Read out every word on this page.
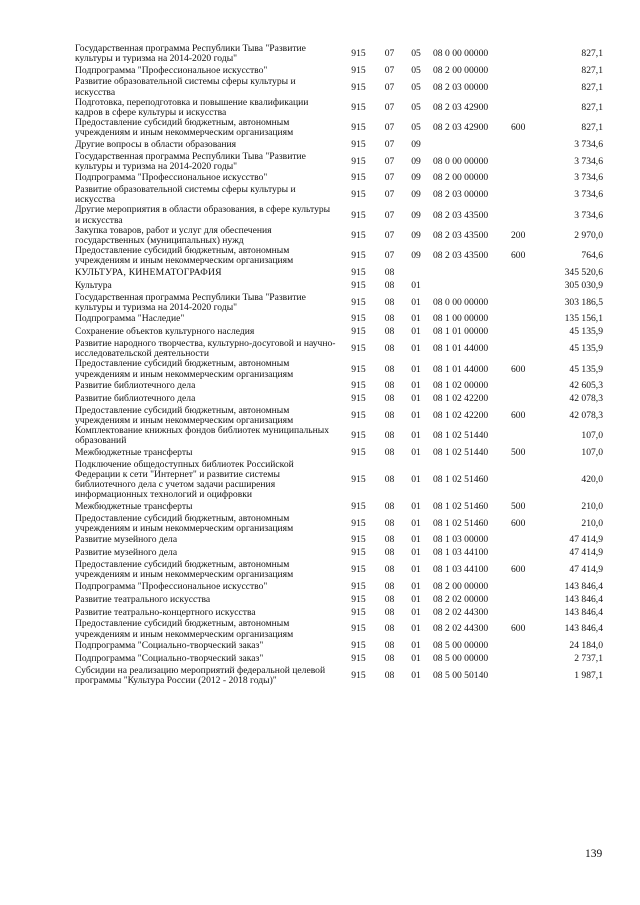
Государственная программа Республики Тыва "Развитие культуры и туризма на 2014-2020 годы"	915	07	05	08 0 00 00000		827,1
Подпрограмма "Профессиональное искусство"	915	07	05	08 2 00 00000		827,1
Развитие образовательной системы сферы культуры и искусства	915	07	05	08 2 03 00000		827,1
Подготовка, переподготовка и повышение квалификации кадров в сфере культуры и искусства	915	07	05	08 2 03 42900		827,1
Предоставление субсидий бюджетным, автономным учреждениям и иным некоммерческим организациям	915	07	05	08 2 03 42900	600	827,1
Другие вопросы в области образования	915	07	09			3 734,6
Государственная программа Республики Тыва "Развитие культуры и туризма на 2014-2020 годы"	915	07	09	08 0 00 00000		3 734,6
Подпрограмма "Профессиональное искусство"	915	07	09	08 2 00 00000		3 734,6
Развитие образовательной системы сферы культуры и искусства	915	07	09	08 2 03 00000		3 734,6
Другие мероприятия в области образования, в сфере культуры и искусства	915	07	09	08 2 03 43500		3 734,6
Закупка товаров, работ и услуг для обеспечения государственных (муниципальных) нужд	915	07	09	08 2 03 43500	200	2 970,0
Предоставление субсидий бюджетным, автономным учреждениям и иным некоммерческим организациям	915	07	09	08 2 03 43500	600	764,6
КУЛЬТУРА, КИНЕМАТОГРАФИЯ	915	08				345 520,6
Культура	915	08	01			305 030,9
Государственная программа Республики Тыва "Развитие культуры и туризма на 2014-2020 годы"	915	08	01	08 0 00 00000		303 186,5
Подпрограмма "Наследие"	915	08	01	08 1 00 00000		135 156,1
Сохранение объектов культурного наследия	915	08	01	08 1 01 00000		45 135,9
Развитие народного творчества, культурно-досуговой и научно-исследовательской деятельности	915	08	01	08 1 01 44000		45 135,9
Предоставление субсидий бюджетным, автономным учреждениям и иным некоммерческим организациям	915	08	01	08 1 01 44000	600	45 135,9
Развитие библиотечного дела	915	08	01	08 1 02 00000		42 605,3
Развитие библиотечного дела	915	08	01	08 1 02 42200		42 078,3
Предоставление субсидий бюджетным, автономным учреждениям и иным некоммерческим организациям	915	08	01	08 1 02 42200	600	42 078,3
Комплектование книжных фондов библиотек муниципальных образований	915	08	01	08 1 02 51440		107,0
Межбюджетные трансферты	915	08	01	08 1 02 51440	500	107,0
Подключение общедоступных библиотек Российской Федерации к сети "Интернет" и развитие системы библиотечного дела с учетом задачи расширения информационных технологий и оцифровки	915	08	01	08 1 02 51460		420,0
Межбюджетные трансферты	915	08	01	08 1 02 51460	500	210,0
Предоставление субсидий бюджетным, автономным учреждениям и иным некоммерческим организациям	915	08	01	08 1 02 51460	600	210,0
Развитие музейного дела	915	08	01	08 1 03 00000		47 414,9
Развитие музейного дела	915	08	01	08 1 03 44100		47 414,9
Предоставление субсидий бюджетным, автономным учреждениям и иным некоммерческим организациям	915	08	01	08 1 03 44100	600	47 414,9
Подпрограмма "Профессиональное искусство"	915	08	01	08 2 00 00000		143 846,4
Развитие театрального искусства	915	08	01	08 2 02 00000		143 846,4
Развитие театрально-концертного искусства	915	08	01	08 2 02 44300		143 846,4
Предоставление субсидий бюджетным, автономным учреждениям и иным некоммерческим организациям	915	08	01	08 2 02 44300	600	143 846,4
Подпрограмма "Социально-творческий заказ"	915	08	01	08 5 00 00000		24 184,0
Подпрограмма "Социально-творческий заказ"	915	08	01	08 5 00 00000		2 737,1
Субсидии на реализацию мероприятий федеральной целевой программы "Культура России (2012 - 2018 годы)"	915	08	01	08 5 00 50140		1 987,1
139
